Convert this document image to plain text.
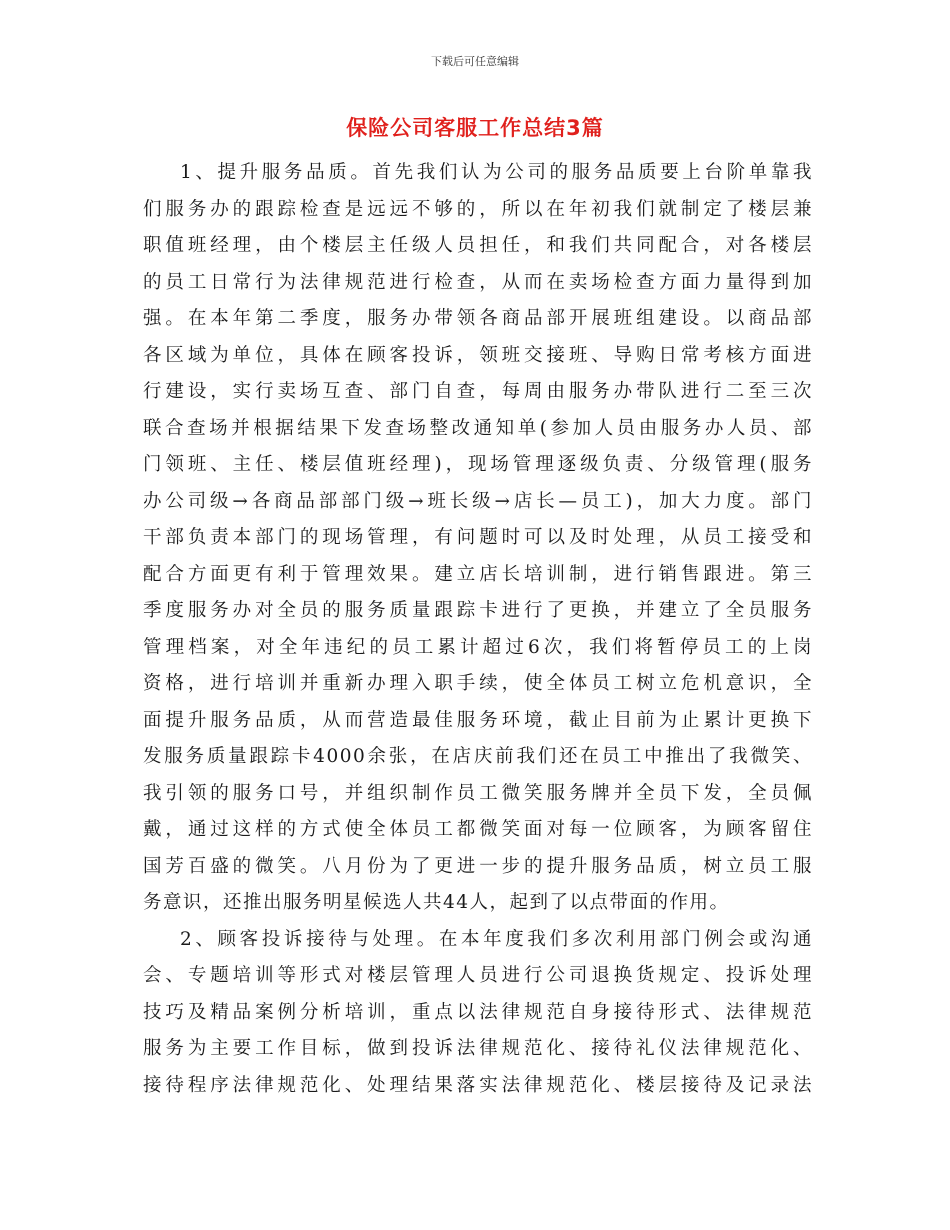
下载后可任意编辑
保险公司客服工作总结3篇
1、提升服务品质。首先我们认为公司的服务品质要上台阶单靠我
们服务办的跟踪检查是远远不够的，所以在年初我们就制定了楼层兼
职值班经理，由个楼层主任级人员担任，和我们共同配合，对各楼层
的员工日常行为法律规范进行检查，从而在卖场检查方面力量得到加
强。在本年第二季度，服务办带领各商品部开展班组建设。以商品部
各区域为单位，具体在顾客投诉，领班交接班、导购日常考核方面进
行建设，实行卖场互查、部门自查，每周由服务办带队进行二至三次
联合查场并根据结果下发查场整改通知单(参加人员由服务办人员、部
门领班、主任、楼层值班经理)，现场管理逐级负责、分级管理(服务
办公司级→各商品部部门级→班长级→店长—员工)，加大力度。部门
干部负责本部门的现场管理，有问题时可以及时处理，从员工接受和
配合方面更有利于管理效果。建立店长培训制，进行销售跟进。第三
季度服务办对全员的服务质量跟踪卡进行了更换，并建立了全员服务
管理档案，对全年违纪的员工累计超过6次，我们将暂停员工的上岗
资格，进行培训并重新办理入职手续，使全体员工树立危机意识，全
面提升服务品质，从而营造最佳服务环境，截止目前为止累计更换下
发服务质量跟踪卡4000余张，在店庆前我们还在员工中推出了我微笑、
我引领的服务口号，并组织制作员工微笑服务牌并全员下发，全员佩
戴，通过这样的方式使全体员工都微笑面对每一位顾客，为顾客留住
国芳百盛的微笑。八月份为了更进一步的提升服务品质，树立员工服
务意识，还推出服务明星候选人共44人，起到了以点带面的作用。
2、顾客投诉接待与处理。在本年度我们多次利用部门例会或沟通
会、专题培训等形式对楼层管理人员进行公司退换货规定、投诉处理
技巧及精品案例分析培训，重点以法律规范自身接待形式、法律规范
服务为主要工作目标，做到投诉法律规范化、接待礼仪法律规范化、
接待程序法律规范化、处理结果落实法律规范化、楼层接待及记录法
